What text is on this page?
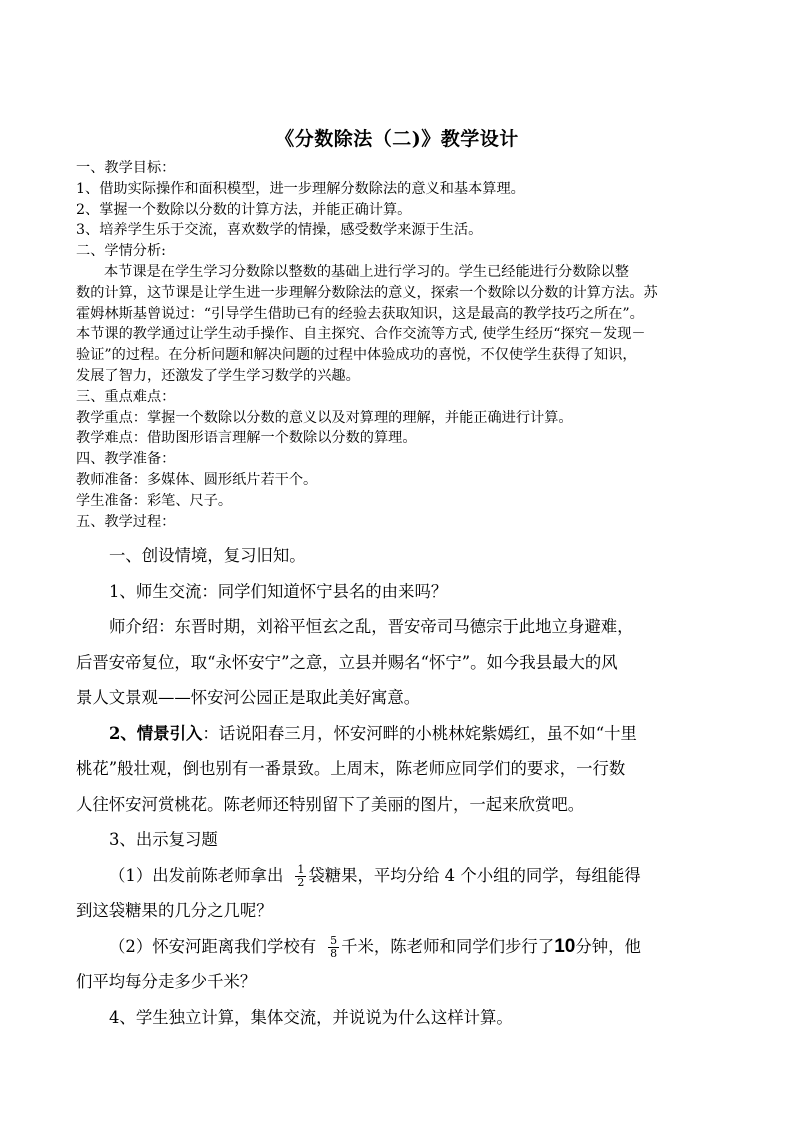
《分数除法（二)》教学设计

一、教学目标：

1、借助实际操作和面积模型，进一步理解分数除法的意义和基本算理。

2、掌握一个数除以分数的计算方法，并能正确计算。

3、培养学生乐于交流，喜欢数学的情操，感受数学来源于生活。

二、学情分析:

本节课是在学生学习分数除以整数的基础上进行学习的。学生已经能进行分数除以整

数的计算，这节课是让学生进一步理解分数除法的意义，探索一个数除以分数的计算方法。苏

霍姆林斯基曾说过：“引导学生借助已有的经验去获取知识，这是最高的教学技巧之所在”。

本节课的教学通过让学生动手操作、自主探究、合作交流等方式, 使学生经历“探究－发现－

验证”的过程。在分析问题和解决问题的过程中体验成功的喜悦，不仅使学生获得了知识，

发展了智力，还激发了学生学习数学的兴趣。

三、重点难点：

教学重点：掌握一个数除以分数的意义以及对算理的理解，并能正确进行计算。

教学难点：借助图形语言理解一个数除以分数的算理。

四、教学准备：

教师准备：多媒体、圆形纸片若干个。

学生准备：彩笔、尺子。

五、教学过程：

一、创设情境，复习旧知。

1、师生交流：同学们知道怀宁县名的由来吗？

师介绍：东晋时期，刘裕平恒玄之乱，晋安帝司马德宗于此地立身避难，

后晋安帝复位，取“永怀安宁”之意，立县并赐名“怀宁”。如今我县最大的风

景人文景观——怀安河公园正是取此美好寓意。

2、情景引入：话说阳春三月，怀安河畔的小桃林姹紫嫣红，虽不如“十里

桃花”般壮观，倒也别有一番景致。上周末，陈老师应同学们的要求，一行数

人往怀安河赏桃花。陈老师还特别留下了美丽的图片，一起来欣赏吧。

3、出示复习题

（1）出发前陈老师拿出 $\frac{1}{2}$ 袋糖果，平均分给 4 个小组的同学，每组能得

到这袋糖果的几分之几呢？

（2）怀安河距离我们学校有 $\frac{5}{8}$ 千米，陈老师和同学们步行了10分钟，他

们平均每分走多少千米？

4、学生独立计算，集体交流，并说说为什么这样计算。
